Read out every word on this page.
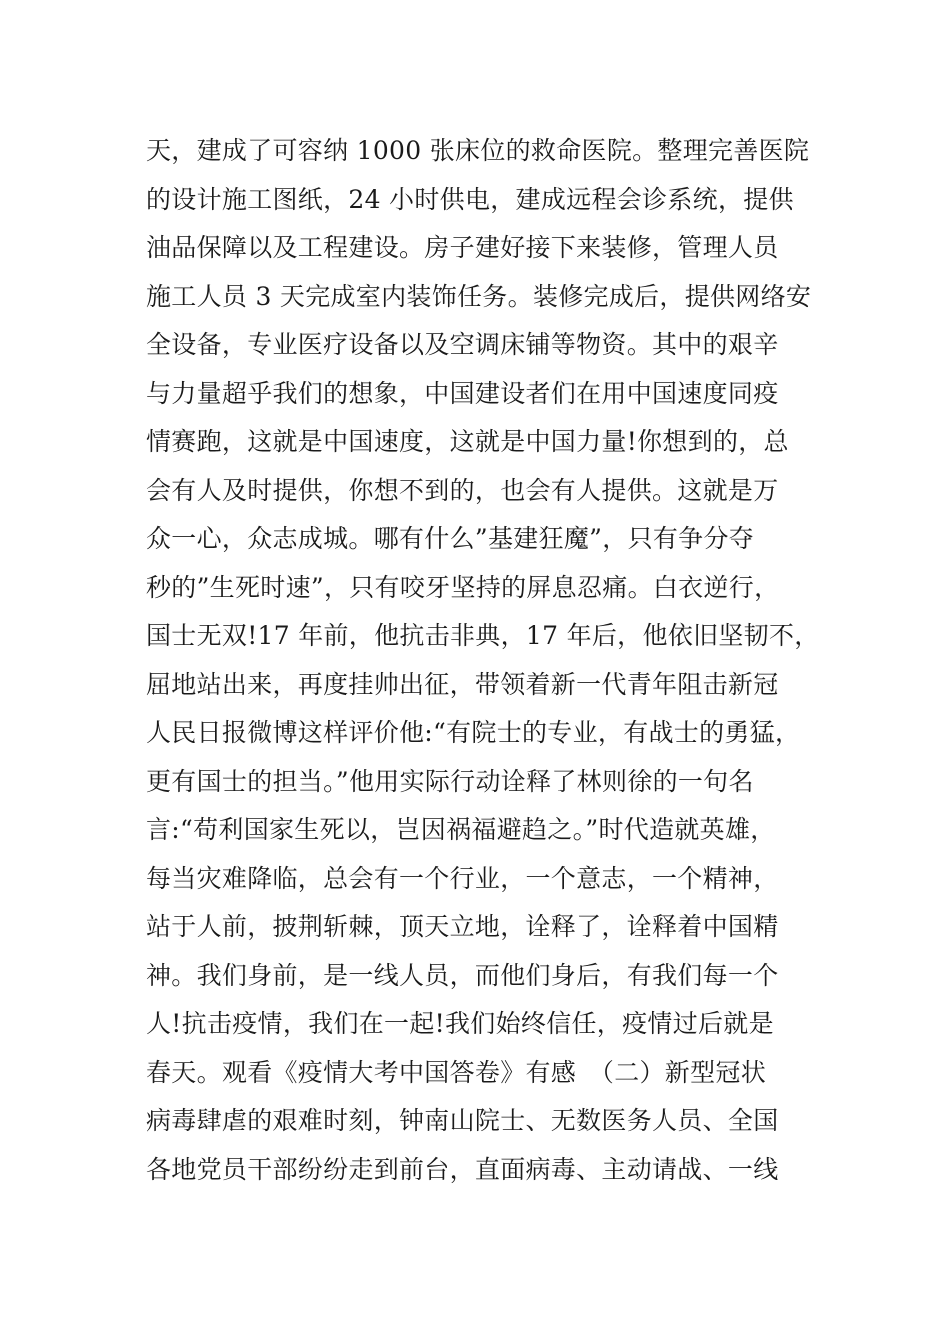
天，建成了可容纳 1000 张床位的救命医院。整理完善医院
的设计施工图纸，24 小时供电，建成远程会诊系统，提供
油品保障以及工程建设。房子建好接下来装修，管理人员
施工人员 3 天完成室内装饰任务。装修完成后，提供网络安
全设备，专业医疗设备以及空调床铺等物资。其中的艰辛
与力量超乎我们的想象，中国建设者们在用中国速度同疫
情赛跑，这就是中国速度，这就是中国力量!你想到的，总
会有人及时提供，你想不到的，也会有人提供。这就是万
众一心，众志成城。哪有什么”基建狂魔”，只有争分夺
秒的”生死时速”，只有咬牙坚持的屏息忍痛。白衣逆行，
国士无双!17 年前，他抗击非典，17 年后，他依旧坚韧不，
屈地站出来，再度挂帅出征，带领着新一代青年阻击新冠
人民日报微博这样评价他:“有院士的专业，有战士的勇猛，
更有国士的担当。”他用实际行动诠释了林则徐的一句名
言:“苟利国家生死以，岂因祸福避趋之。”时代造就英雄，
每当灾难降临，总会有一个行业，一个意志，一个精神，
站于人前，披荆斩棘，顶天立地，诠释了，诠释着中国精
神。我们身前，是一线人员，而他们身后，有我们每一个
人!抗击疫情，我们在一起!我们始终信任，疫情过后就是
春天。观看《疫情大考中国答卷》有感　（二）新型冠状
病毒肆虐的艰难时刻，钟南山院士、无数医务人员、全国
各地党员干部纷纷走到前台，直面病毒、主动请战、一线
